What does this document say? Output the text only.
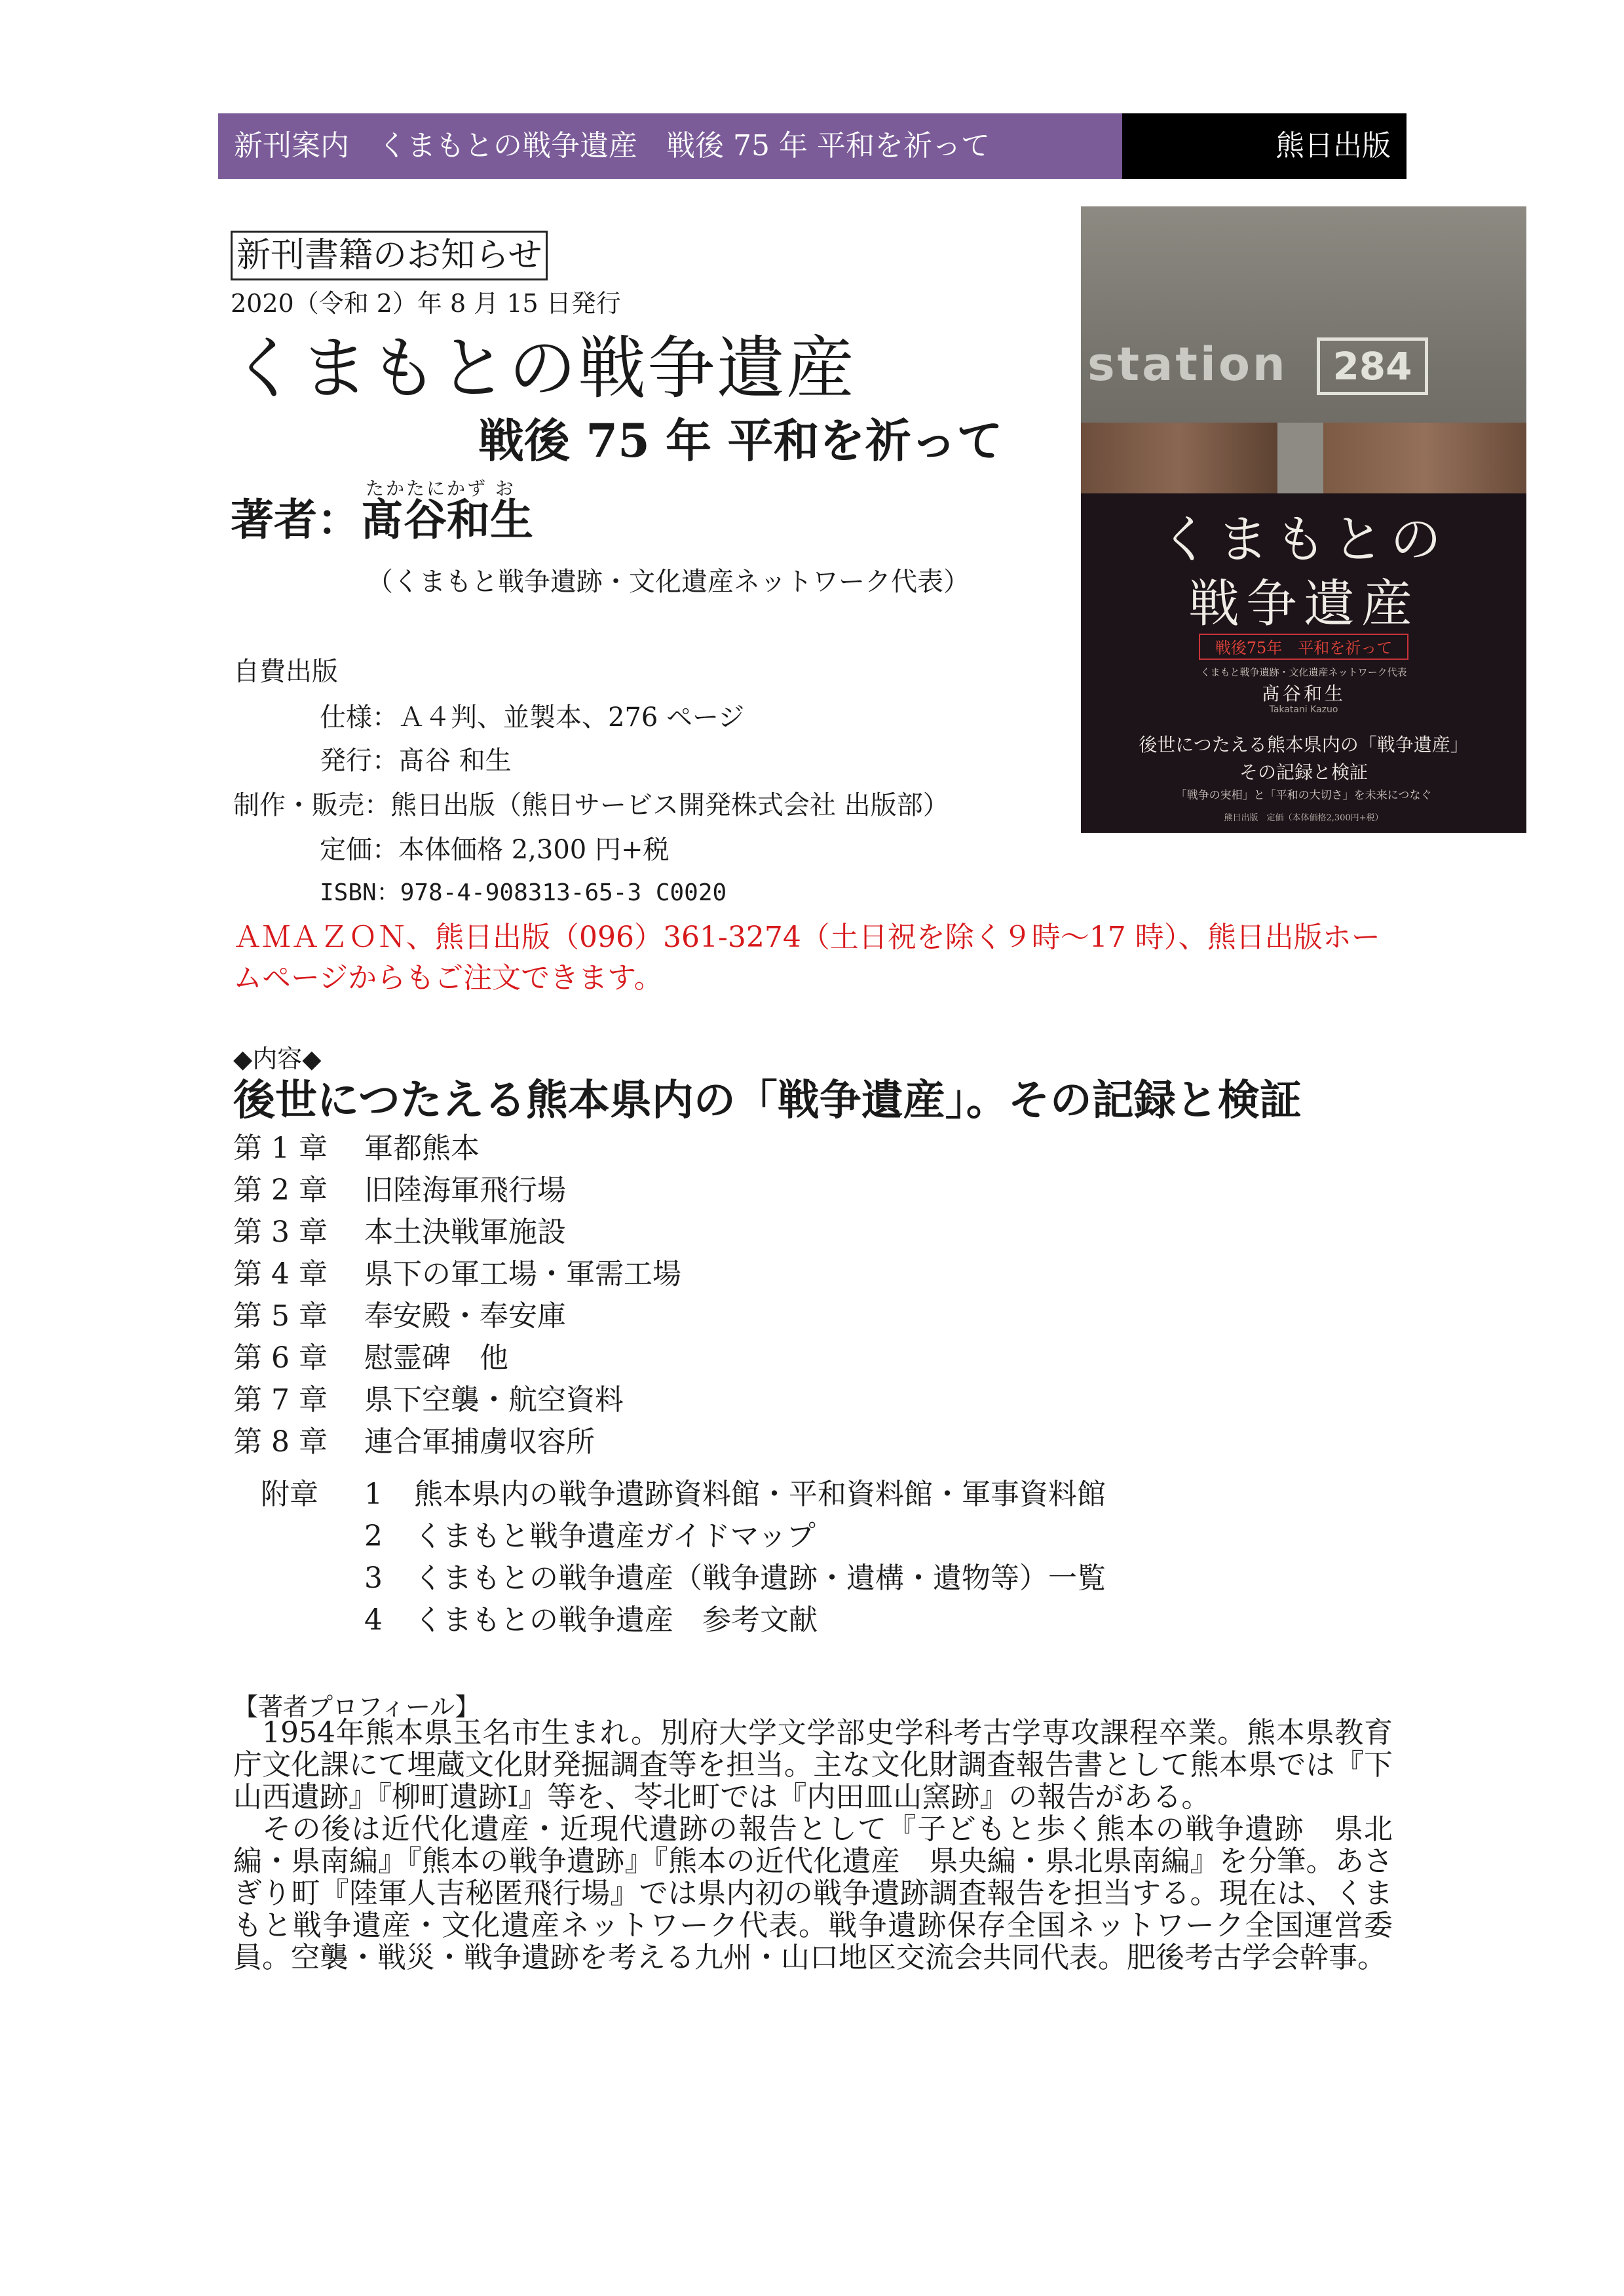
新刊案内　くまもとの戦争遺産　戦後 75 年 平和を祈って	熊日出版
新刊書籍のお知らせ
2020（令和 2）年 8 月 15 日発行
くまもとの戦争遺産
戦後 75 年 平和を祈って
たかたにかず お
著者：髙谷和生
（くまもと戦争遺跡・文化遺産ネットワーク代表）
自費出版
仕様：Ａ４判、並製本、276 ページ
発行：髙谷 和生
制作・販売：熊日出版（熊日サービス開発株式会社 出版部）
定価：本体価格 2,300 円+税
ISBN：978-4-908313-65-3 C0020
ＡＭＡＺＯＮ、熊日出版（096）361-3274（土日祝を除く９時～17 時）、熊日出版ホームページからもご注文できます。
◆内容◆
後世につたえる熊本県内の「戦争遺産」。その記録と検証
第 1 章 軍都熊本
第 2 章 旧陸海軍飛行場
第 3 章 本土決戦軍施設
第 4 章 県下の軍工場・軍需工場
第 5 章 奉安殿・奉安庫
第 6 章 慰霊碑　他
第 7 章 県下空襲・航空資料
第 8 章 連合軍捕虜収容所
附章 1 熊本県内の戦争遺跡資料館・平和資料館・軍事資料館
2 くまもと戦争遺産ガイドマップ
3 くまもとの戦争遺産（戦争遺跡・遺構・遺物等）一覧
4 くまもとの戦争遺産　参考文献
【著者プロフィール】

1954年熊本県玉名市生まれ。別府大学文学部史学科考古学専攻課程卒業。熊本県教育庁文化課にて埋蔵文化財発掘調査等を担当。主な文化財調査報告書として熊本県では『下山西遺跡』『柳町遺跡Ⅰ』等を、苓北町では『内田皿山窯跡』の報告がある。

その後は近代化遺産・近現代遺跡の報告として『子どもと歩く熊本の戦争遺跡　県北編・県南編』『熊本の戦争遺跡』『熊本の近代化遺産　県央編・県北県南編』を分筆。あさぎり町『陸軍人吉秘匿飛行場』では県内初の戦争遺跡調査報告を担当する。現在は、くまもと戦争遺産・文化遺産ネットワーク代表。戦争遺跡保存全国ネットワーク全国運営委員。空襲・戦災・戦争遺跡を考える九州・山口地区交流会共同代表。肥後考古学会幹事。

station	284
くまもとの
戦争遺産
戦後75年　平和を祈って
くまもと戦争遺跡・文化遺産ネットワーク代表
髙谷和生
Takatani Kazuo
後世につたえる熊本県内の「戦争遺産」
その記録と検証
「戦争の実相」と「平和の大切さ」を未来につなぐ
熊日出版　定価（本体価格2,300円+税）
